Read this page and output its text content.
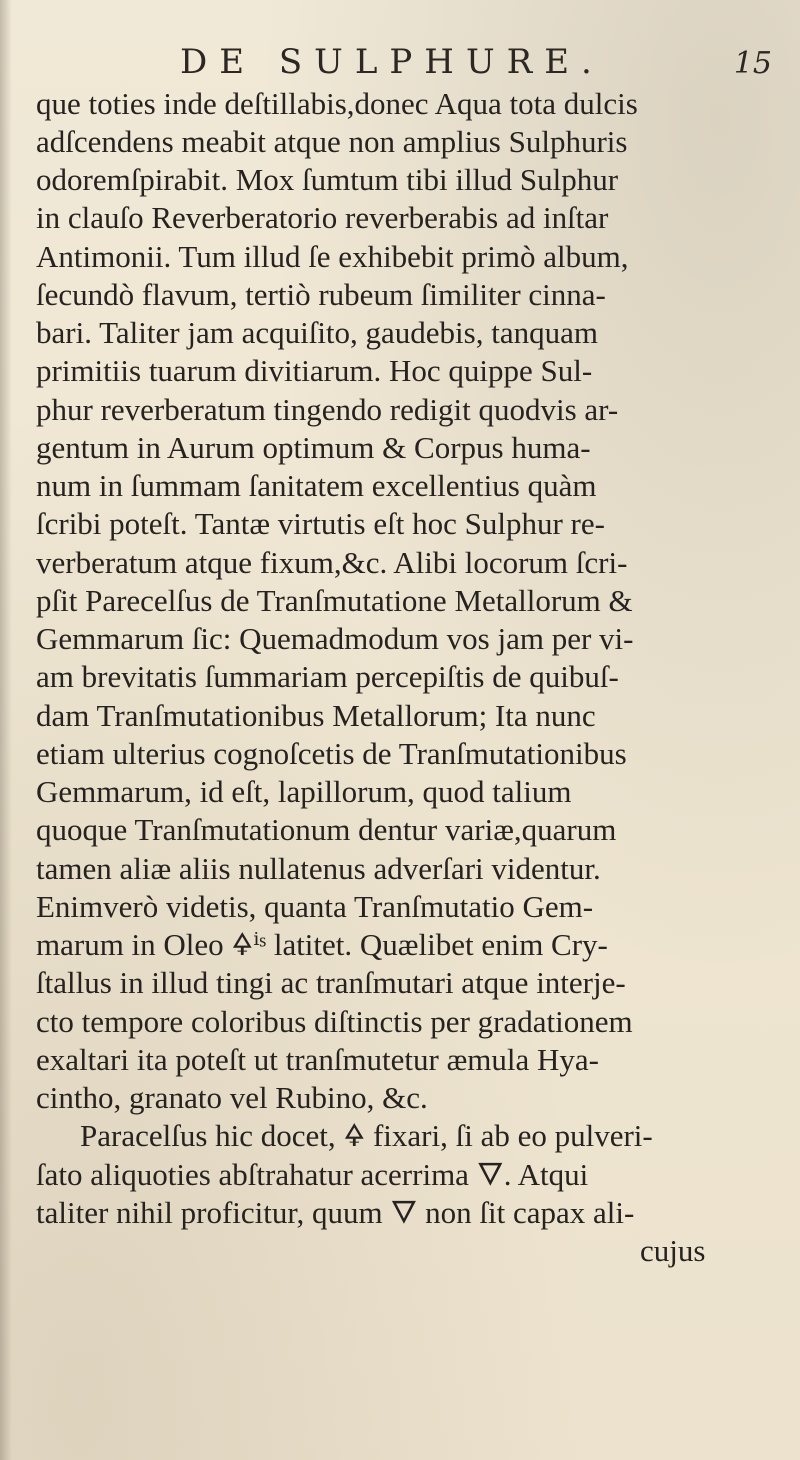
DE SULPHURE.	15
que toties inde deſtillabis,donec Aqua tota dulcis
adſcendens meabit atque non amplius Sulphuris
odoremſpirabit. Mox ſumtum tibi illud Sulphur
in clauſo Reverberatorio reverberabis ad inſtar
Antimonii. Tum illud ſe exhibebit primò album,
ſecundò flavum, tertiò rubeum ſimiliter cinna-
bari. Taliter jam acquiſito, gaudebis, tanquam
primitiis tuarum divitiarum. Hoc quippe Sul-
phur reverberatum tingendo redigit quodvis ar-
gentum in Aurum optimum & Corpus huma-
num in ſummam ſanitatem excellentius quàm
ſcribi poteſt. Tantæ virtutis eſt hoc Sulphur re-
verberatum atque fixum,&c. Alibi locorum ſcri-
pſit Parecelſus de Tranſmutatione Metallorum &
Gemmarum ſic: Quemadmodum vos jam per vi-
am brevitatis ſummariam percepiſtis de quibuſ-
dam Tranſmutationibus Metallorum; Ita nunc
etiam ulterius cognoſcetis de Tranſmutationibus
Gemmarum, id eſt, lapillorum, quod talium
quoque Tranſmutationum dentur variæ,quarum
tamen aliæ aliis nullatenus adverſari videntur.
Enimverò videtis, quanta Tranſmutatio Gem-
marum in Oleo 🜍ⁱˢ latitet. Quælibet enim Cry-
ſtallus in illud tingi ac tranſmutari atque interje-
cto tempore coloribus diſtinctis per gradationem
exaltari ita poteſt ut tranſmutetur æmula Hya-
cintho, granato vel Rubino, &c.
Paracelſus hic docet, 🜍 fixari, ſi ab eo pulveri-
ſato aliquoties abſtrahatur acerrima 🜄. Atqui
taliter nihil proficitur, quum 🜄 non ſit capax ali-
cujus
